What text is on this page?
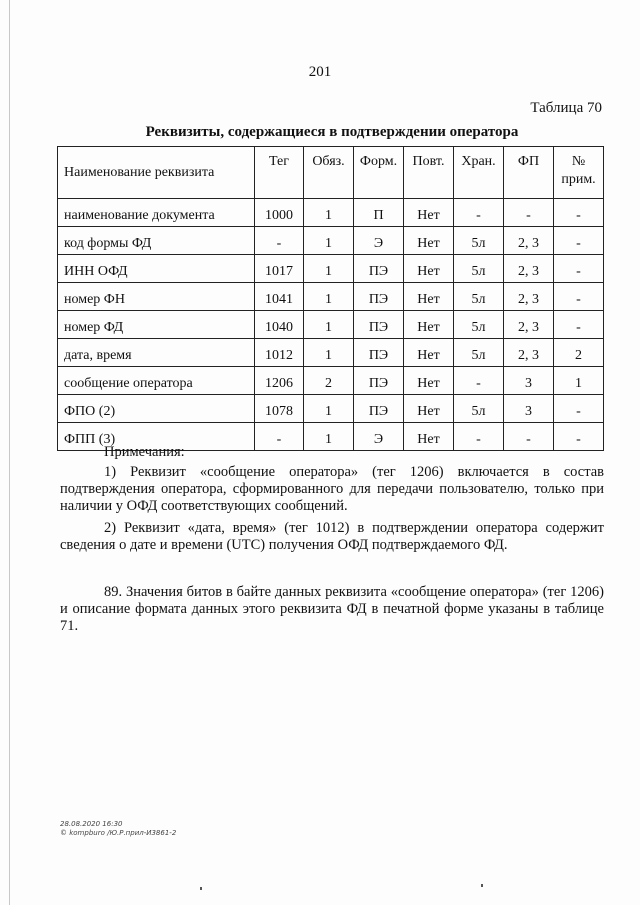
201
Таблица 70
Реквизиты, содержащиеся в подтверждении оператора
Наименование реквизита	Тег	Обяз.	Форм.	Повт.	Хран.	ФП	№ прим.
наименование документа	1000	1	П	Нет	-	-	-
код формы ФД	-	1	Э	Нет	5л	2, 3	-
ИНН ОФД	1017	1	ПЭ	Нет	5л	2, 3	-
номер ФН	1041	1	ПЭ	Нет	5л	2, 3	-
номер ФД	1040	1	ПЭ	Нет	5л	2, 3	-
дата, время	1012	1	ПЭ	Нет	5л	2, 3	2
сообщение оператора	1206	2	ПЭ	Нет	-	3	1
ФПО (2)	1078	1	ПЭ	Нет	5л	3	-
ФПП (3)	-	1	Э	Нет	-	-	-
Примечания:
1) Реквизит «сообщение оператора» (тег 1206) включается в состав подтверждения оператора, сформированного для передачи пользователю, только при наличии у ОФД соответствующих сообщений.
2) Реквизит «дата, время» (тег 1012) в подтверждении оператора содержит сведения о дате и времени (UTC) получения ОФД подтверждаемого ФД.
89. Значения битов в байте данных реквизита «сообщение оператора» (тег 1206) и описание формата данных этого реквизита ФД в печатной форме указаны в таблице 71.
28.08.2020 16:30
© kompburo /Ю.Р.прил-И3861-2
